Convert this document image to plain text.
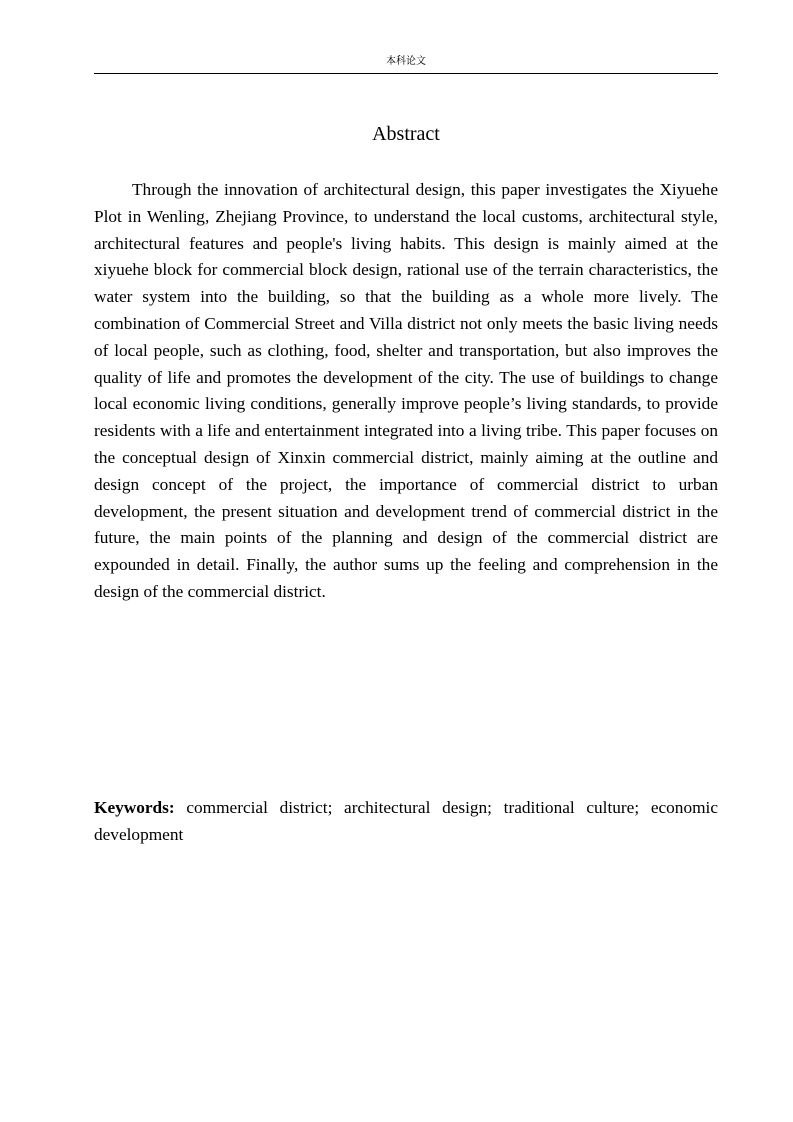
本科论文
Abstract

Through the innovation of architectural design, this paper investigates the Xiyuehe Plot in Wenling, Zhejiang Province, to understand the local customs, architectural style, architectural features and people's living habits. This design is mainly aimed at the xiyuehe block for commercial block design, rational use of the terrain characteristics, the water system into the building, so that the building as a whole more lively. The combination of Commercial Street and Villa district not only meets the basic living needs of local people, such as clothing, food, shelter and transportation, but also improves the quality of life and promotes the development of the city. The use of buildings to change local economic living conditions, generally improve people’s living standards, to provide residents with a life and entertainment integrated into a living tribe. This paper focuses on the conceptual design of Xinxin commercial district, mainly aiming at the outline and design concept of the project, the importance of commercial district to urban development, the present situation and development trend of commercial district in the future, the main points of the planning and design of the commercial district are expounded in detail. Finally, the author sums up the feeling and comprehension in the design of the commercial district.

Keywords: commercial district; architectural design; traditional culture; economic development
